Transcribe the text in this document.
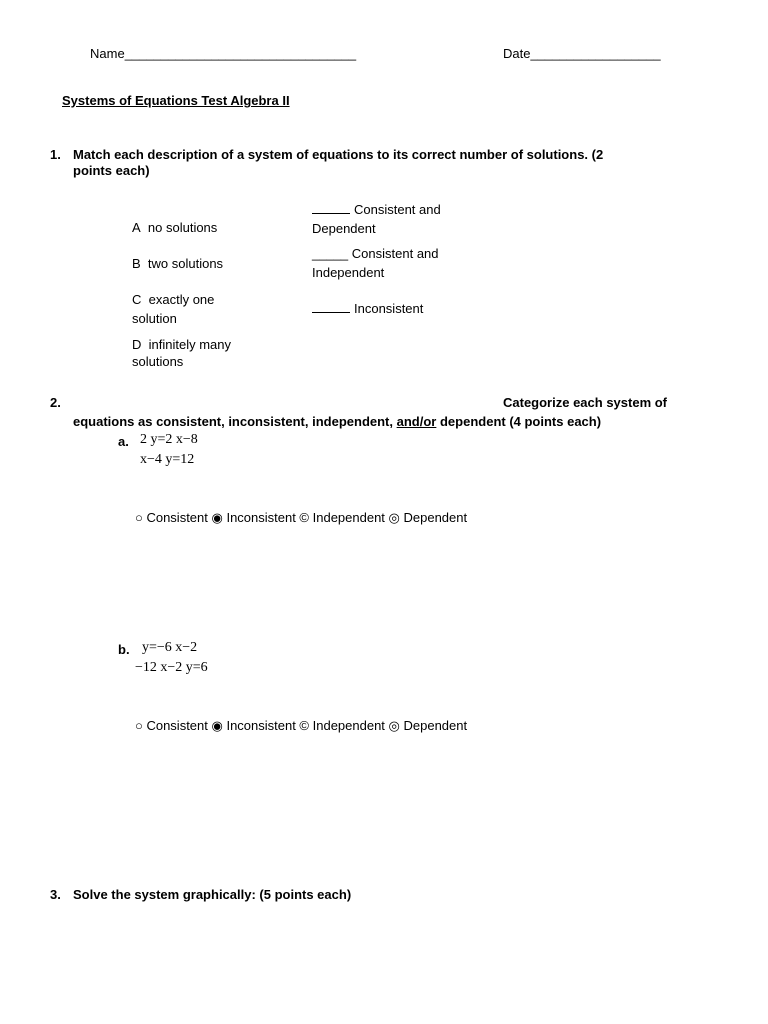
Name________________________________	Date__________________
Systems of Equations Test Algebra II
1. Match each description of a system of equations to its correct number of solutions. (2
points each)
A no solutions
B two solutions
C exactly one
solution
D infinitely many
solutions
Consistent and
Dependent
_____ Consistent and
Independent
Inconsistent
2.	Categorize each system of
equations as consistent, inconsistent, independent, and/or dependent (4 points each)
a. 2 y=2 x−8
x−4 y=12
○ Consistent ◉ Inconsistent © Independent ◎ Dependent
b. y=−6 x−2
−12 x−2 y=6
○ Consistent ◉ Inconsistent © Independent ◎ Dependent
3. Solve the system graphically: (5 points each)
